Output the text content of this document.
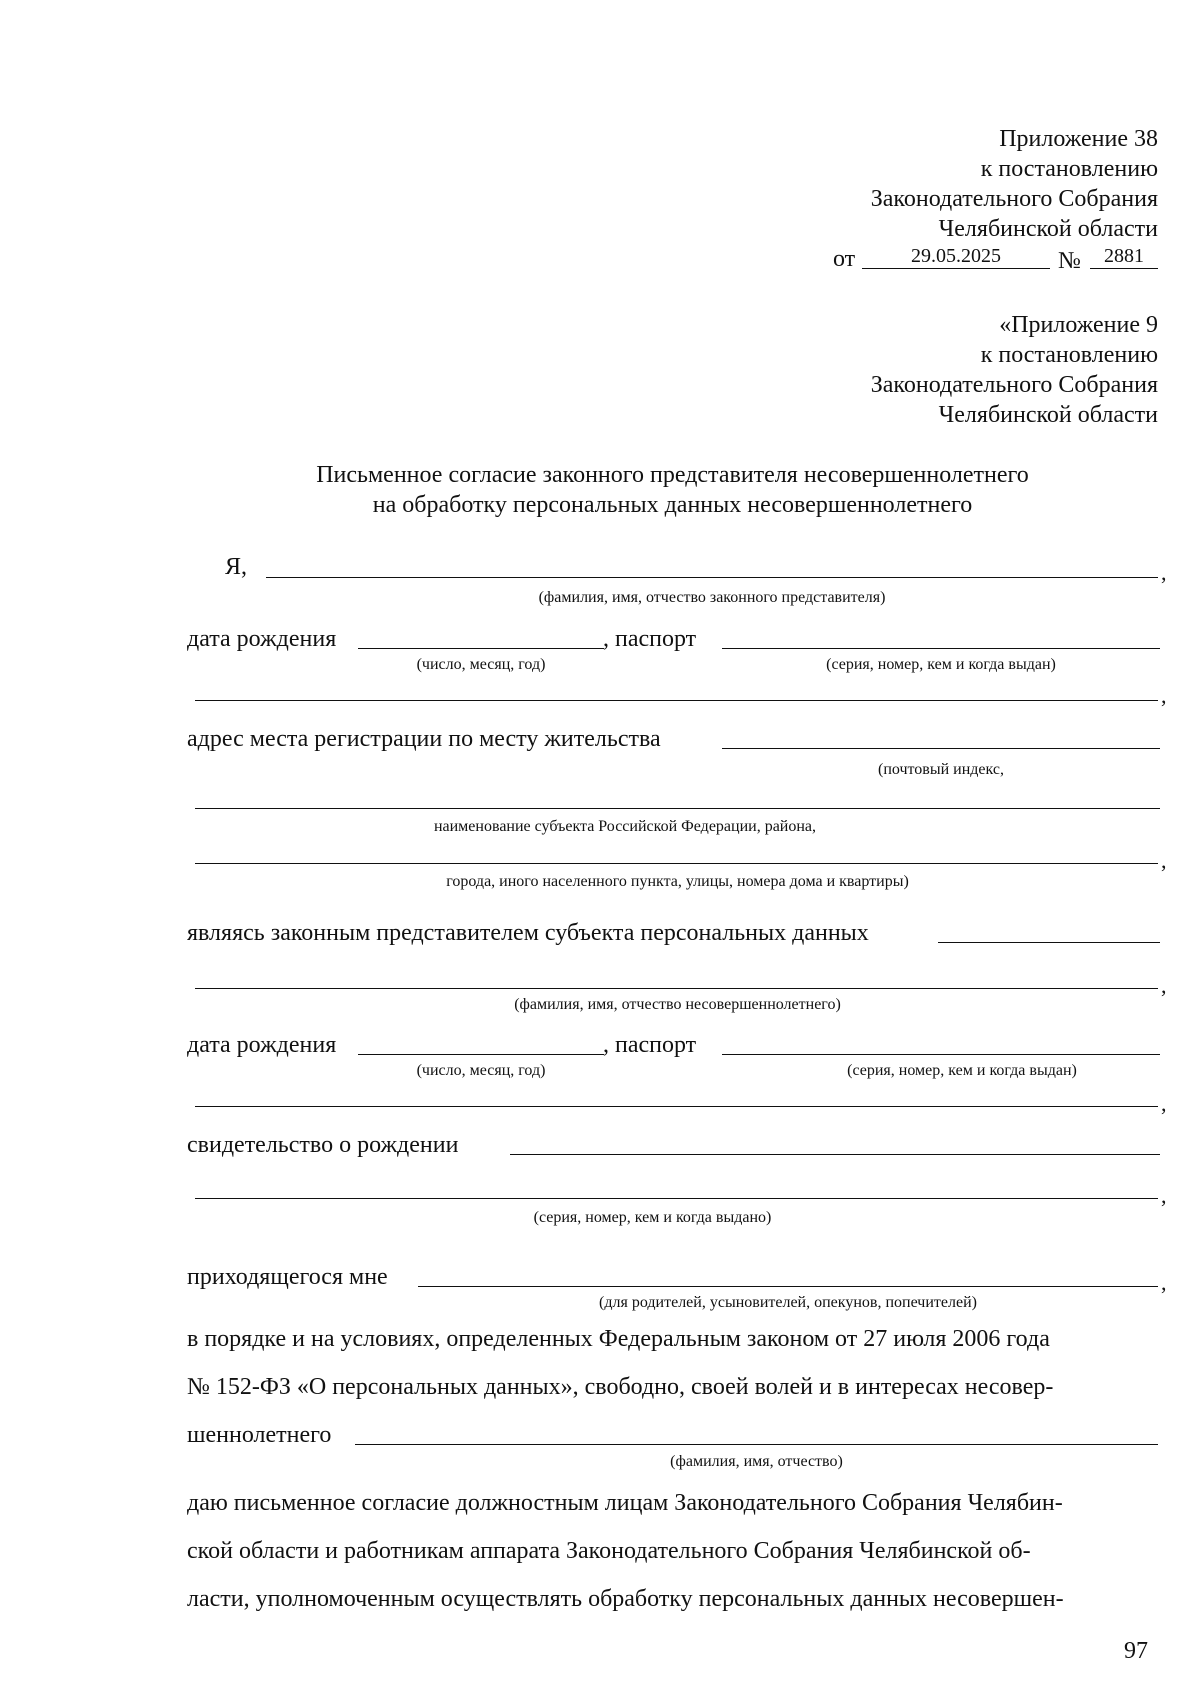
Приложение 38
к постановлению
Законодательного Собрания
Челябинской области
от	29.05.2025	№	2881
«Приложение 9
к постановлению
Законодательного Собрания
Челябинской области
Письменное согласие законного представителя несовершеннолетнего
на обработку персональных данных несовершеннолетнего
Я,	,
(фамилия, имя, отчество законного представителя)
дата рождения	, паспорт
(число, месяц, год)	(серия, номер, кем и когда выдан)
,
адрес места регистрации по месту жительства
(почтовый индекс,
наименование субъекта Российской Федерации, района,
,
города, иного населенного пункта, улицы, номера дома и квартиры)
являясь законным представителем субъекта персональных данных
,
(фамилия, имя, отчество несовершеннолетнего)
дата рождения	, паспорт
(число, месяц, год)	(серия, номер, кем и когда выдан)
,
свидетельство о рождении
,
(серия, номер, кем и когда выдано)
приходящегося мне	,
(для родителей, усыновителей, опекунов, попечителей)
в порядке и на условиях, определенных Федеральным законом от 27 июля 2006 года
№ 152-ФЗ «О персональных данных», свободно, своей волей и в интересах несовер-
шеннолетнего
(фамилия, имя, отчество)
даю письменное согласие должностным лицам Законодательного Собрания Челябин-
ской области и работникам аппарата Законодательного Собрания Челябинской об-
ласти, уполномоченным осуществлять обработку персональных данных несовершен-
97
